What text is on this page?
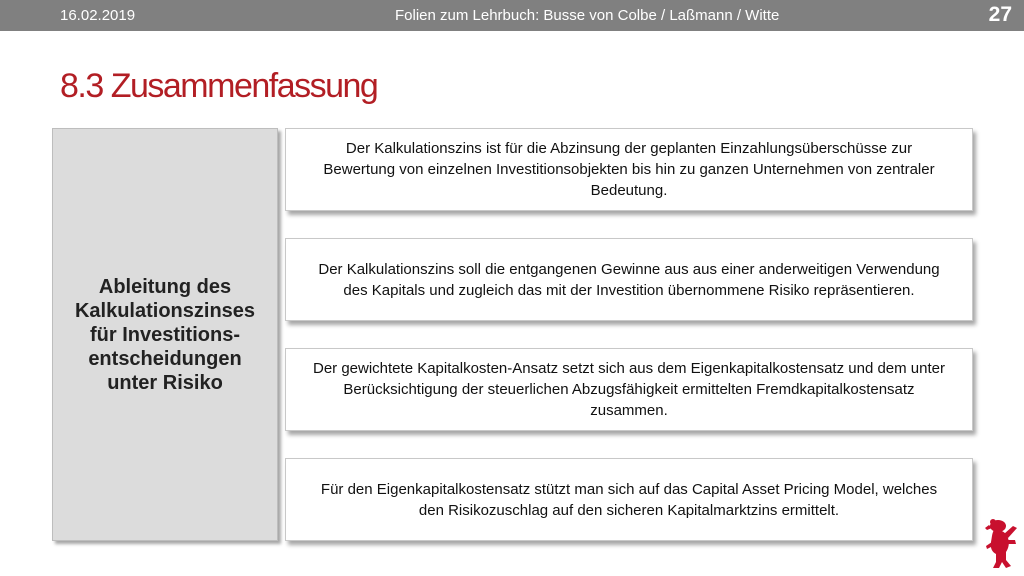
16.02.2019	Folien zum Lehrbuch: Busse von Colbe / Laßmann / Witte	27
8.3 Zusammenfassung
Ableitung des Kalkulationszinses für Investitions-entscheidungen unter Risiko
Der Kalkulationszins ist für die Abzinsung der geplanten Einzahlungsüberschüsse zur Bewertung von einzelnen Investitionsobjekten bis hin zu ganzen Unternehmen von zentraler Bedeutung.
Der Kalkulationszins soll die entgangenen Gewinne aus aus einer anderweitigen Verwendung des Kapitals und zugleich das mit der Investition übernommene Risiko repräsentieren.
Der gewichtete Kapitalkosten-Ansatz setzt sich aus dem Eigenkapitalkostensatz und dem unter Berücksichtigung der steuerlichen Abzugsfähigkeit ermittelten Fremdkapitalkostensatz zusammen.
Für den Eigenkapitalkostensatz stützt man sich auf das Capital Asset Pricing Model, welches den Risikozuschlag auf den sicheren Kapitalmarktzins ermittelt.
